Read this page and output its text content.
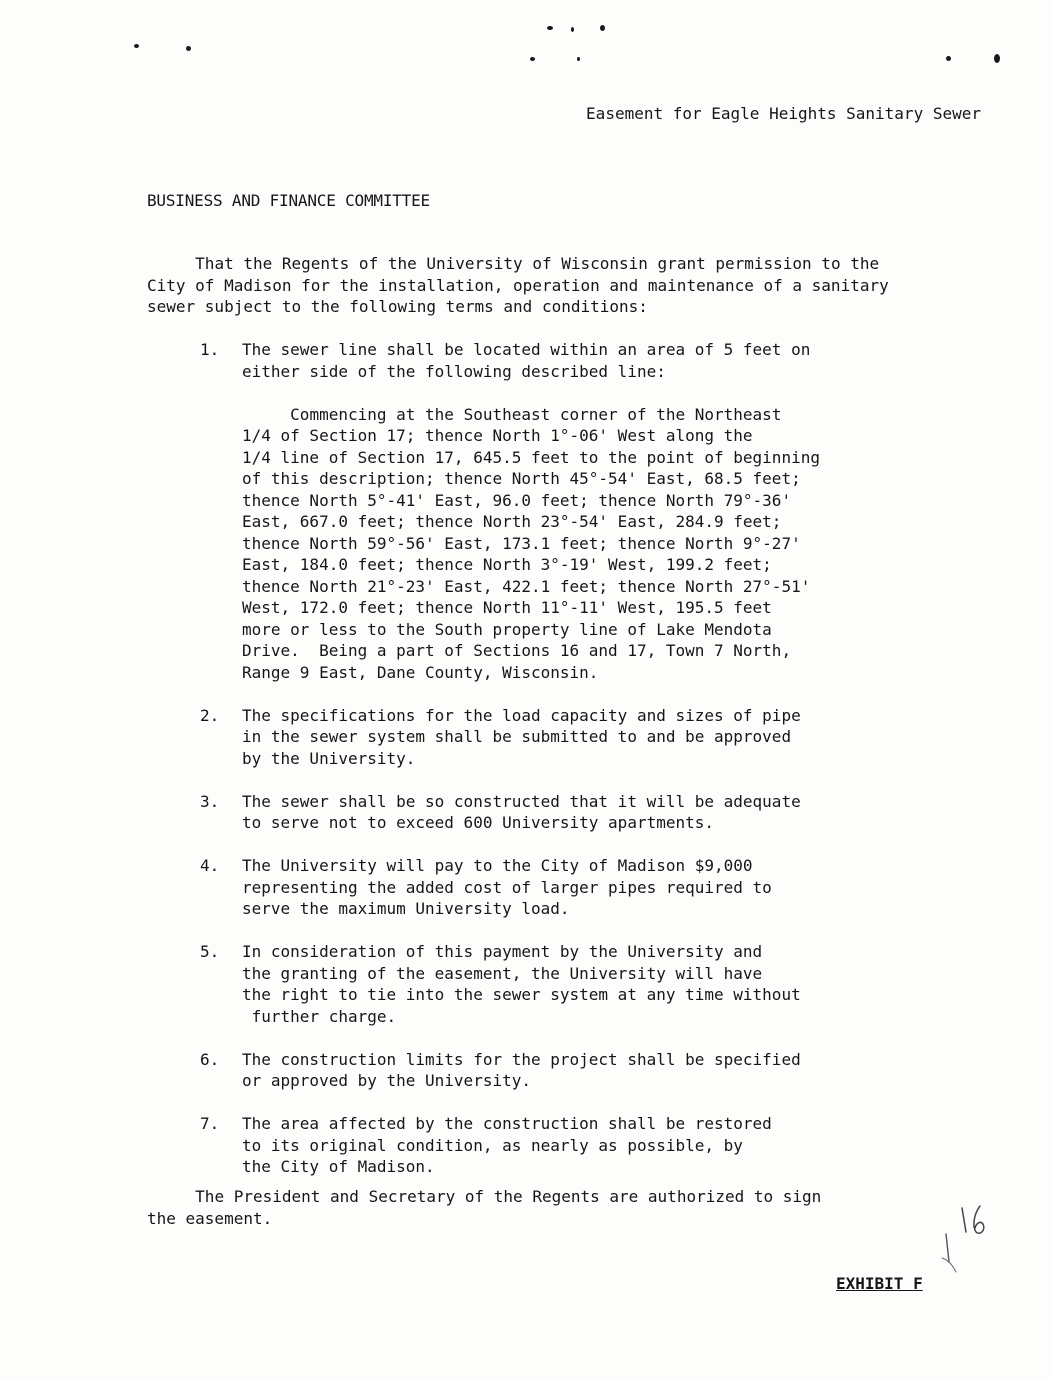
Easement for Eagle Heights Sanitary Sewer
BUSINESS AND FINANCE COMMITTEE

That the Regents of the University of Wisconsin grant permission to the
City of Madison for the installation, operation and maintenance of a sanitary
sewer subject to the following terms and conditions:

1.	The sewer line shall be located within an area of 5 feet on
either side of the following described line:

Commencing at the Southeast corner of the Northeast
1/4 of Section 17; thence North 1°-06' West along the
1/4 line of Section 17, 645.5 feet to the point of beginning
of this description; thence North 45°-54' East, 68.5 feet;
thence North 5°-41' East, 96.0 feet; thence North 79°-36'
East, 667.0 feet; thence North 23°-54' East, 284.9 feet;
thence North 59°-56' East, 173.1 feet; thence North 9°-27'
East, 184.0 feet; thence North 3°-19' West, 199.2 feet;
thence North 21°-23' East, 422.1 feet; thence North 27°-51'
West, 172.0 feet; thence North 11°-11' West, 195.5 feet
more or less to the South property line of Lake Mendota
Drive.  Being a part of Sections 16 and 17, Town 7 North,
Range 9 East, Dane County, Wisconsin.

2.	The specifications for the load capacity and sizes of pipe
in the sewer system shall be submitted to and be approved
by the University.

3.	The sewer shall be so constructed that it will be adequate
to serve not to exceed 600 University apartments.

4.	The University will pay to the City of Madison $9,000
representing the added cost of larger pipes required to
serve the maximum University load.

5.	In consideration of this payment by the University and
the granting of the easement, the University will have
the right to tie into the sewer system at any time without
further charge.

6.	The construction limits for the project shall be specified
or approved by the University.

7.	The area affected by the construction shall be restored
to its original condition, as nearly as possible, by
the City of Madison.

The President and Secretary of the Regents are authorized to sign
the easement.

EXHIBIT F
